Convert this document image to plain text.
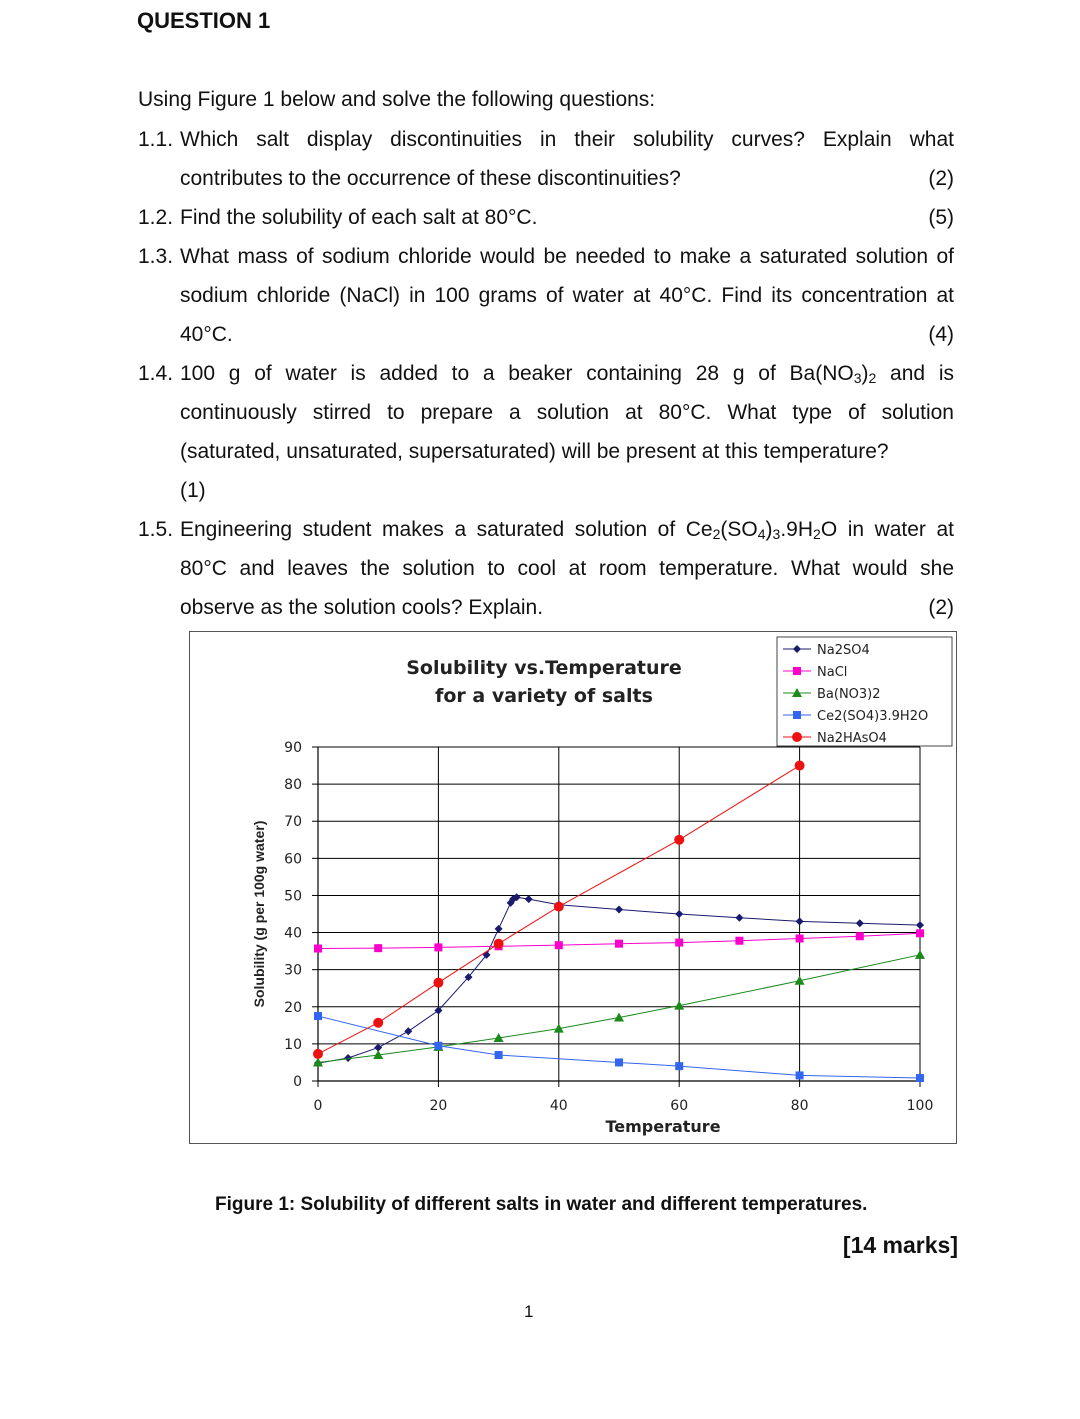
QUESTION 1
Using Figure 1 below and solve the following questions:
1.1. Which salt display discontinuities in their solubility curves? Explain what
contributes to the occurrence of these discontinuities?	(2)
1.2. Find the solubility of each salt at 80°C.	(5)
1.3. What mass of sodium chloride would be needed to make a saturated solution of
sodium chloride (NaCl) in 100 grams of water at 40°C. Find its concentration at
40°C.	(4)
1.4. 100 g of water is added to a beaker containing 28 g of $Ba(NO_3)_2$ and is
continuously stirred to prepare a solution at 80°C. What type of solution
(saturated, unsaturated, supersaturated) will be present at this temperature?
(1)
1.5. Engineering student makes a saturated solution of $Ce_2(SO_4)_3.9H_2O$ in water at
80°C and leaves the solution to cool at room temperature. What would she
observe as the solution cools? Explain.	(2)
0
10
20
30
40
50
60
70
80
90
0	20	40	60	80	100
Solubility vs.Temperature
for a variety of salts
Temperature
Solubility (g per 100g water)
Na2SO4
NaCl
Ba(NO3)2
Ce2(SO4)3.9H2O
Na2HAsO4
Figure 1: Solubility of different salts in water and different temperatures.
[14 marks]
1
